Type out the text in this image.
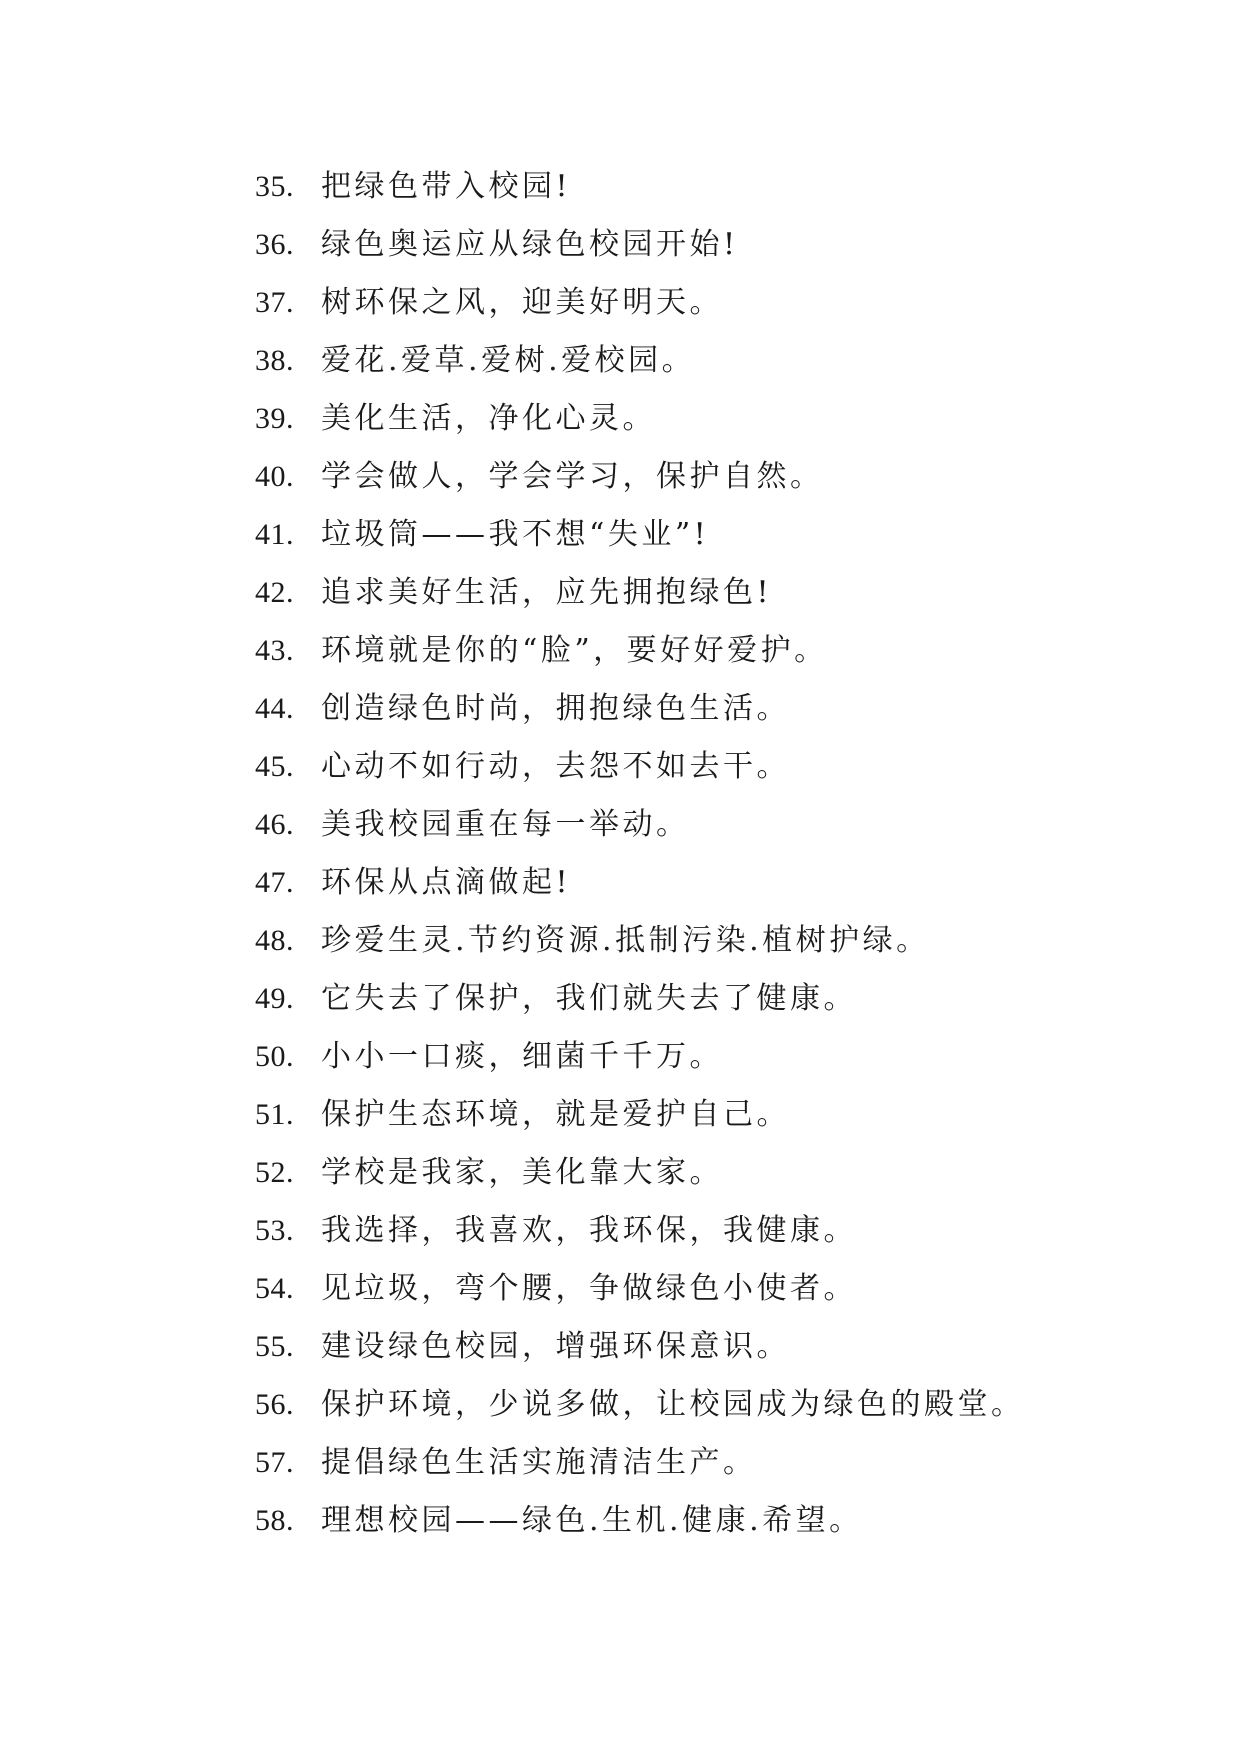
35. 把绿色带入校园!
36. 绿色奥运应从绿色校园开始!
37. 树环保之风，迎美好明天。
38. 爱花.爱草.爱树.爱校园。
39. 美化生活，净化心灵。
40. 学会做人，学会学习，保护自然。
41. 垃圾筒——我不想“失业”!
42. 追求美好生活，应先拥抱绿色!
43. 环境就是你的“脸”，要好好爱护。
44. 创造绿色时尚，拥抱绿色生活。
45. 心动不如行动，去怨不如去干。
46. 美我校园重在每一举动。
47. 环保从点滴做起!
48. 珍爱生灵.节约资源.抵制污染.植树护绿。
49. 它失去了保护，我们就失去了健康。
50. 小小一口痰，细菌千千万。
51. 保护生态环境，就是爱护自己。
52. 学校是我家，美化靠大家。
53. 我选择，我喜欢，我环保，我健康。
54. 见垃圾，弯个腰，争做绿色小使者。
55. 建设绿色校园，增强环保意识。
56. 保护环境，少说多做，让校园成为绿色的殿堂。
57. 提倡绿色生活实施清洁生产。
58. 理想校园——绿色.生机.健康.希望。
